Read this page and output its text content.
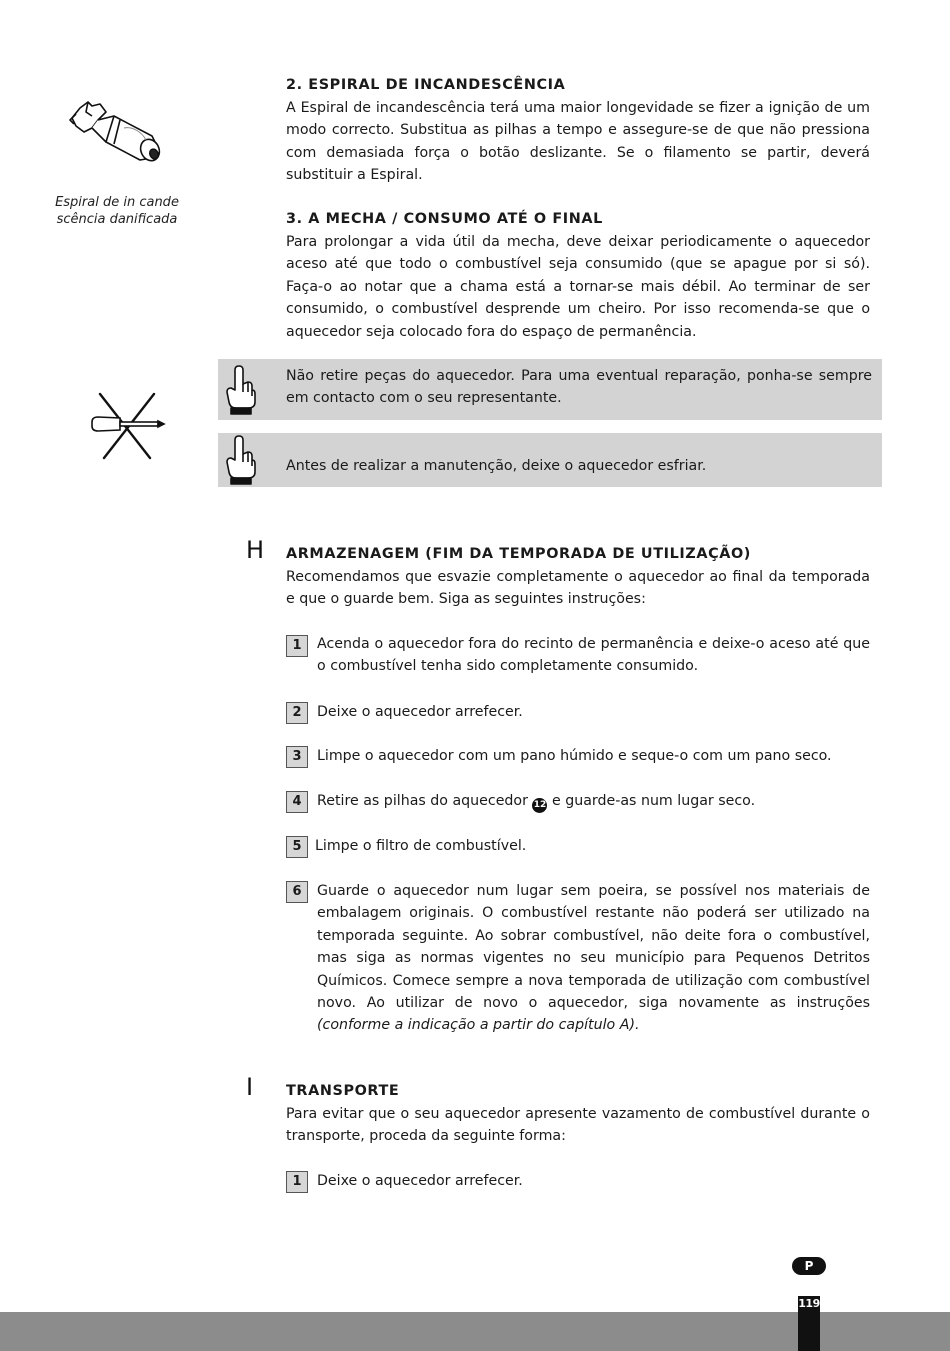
Espiral de in cande scência danificada

2. ESPIRAL DE INCANDESCÊNCIA

A Espiral de incandescência terá uma maior longevidade se fizer a ignição de um modo correcto. Substitua as pilhas a tempo e assegure-se de que não pressiona com demasiada força o botão deslizante. Se o filamento se partir, deverá substituir a Espiral.

3. A MECHA / CONSUMO ATÉ O FINAL

Para prolongar a vida útil da mecha, deve deixar periodicamente o aquecedor aceso até que todo o combustível seja consumido (que se apague por si só). Faça-o ao notar que a chama está a tornar-se mais débil. Ao terminar de ser consumido, o combustível desprende um cheiro. Por isso recomenda-se que o aquecedor seja colocado fora do espaço de permanência.

Não retire peças do aquecedor. Para uma eventual reparação, ponha-se sempre em contacto com o seu representante.

Antes de realizar a manutenção, deixe o aquecedor esfriar.

H ARMAZENAGEM (FIM DA TEMPORADA DE UTILIZAÇÃO)

Recomendamos que esvazie completamente o aquecedor ao final da temporada e que o guarde bem. Siga as seguintes instruções:

1	Acenda o aquecedor fora do recinto de permanência e deixe-o aceso até que o combustível tenha sido completamente consumido.

2	Deixe o aquecedor arrefecer.

3	Limpe o aquecedor com um pano húmido e seque-o com um pano seco.

4	Retire as pilhas do aquecedor 12 e guarde-as num lugar seco.

5 Limpe o filtro de combustível.

6	Guarde o aquecedor num lugar sem poeira, se possível nos materiais de embalagem originais. O combustível restante não poderá ser utilizado na temporada seguinte. Ao sobrar combustível, não deite fora o combustível, mas siga as normas vigentes no seu município para Pequenos Detritos Químicos. Comece sempre a nova temporada de utilização com combustível novo. Ao utilizar de novo o aquecedor, siga novamente as instruções (conforme a indicação a partir do capítulo A).

I TRANSPORTE

Para evitar que o seu aquecedor apresente vazamento de combustível durante o transporte, proceda da seguinte forma:

1	Deixe o aquecedor arrefecer.

P
119
